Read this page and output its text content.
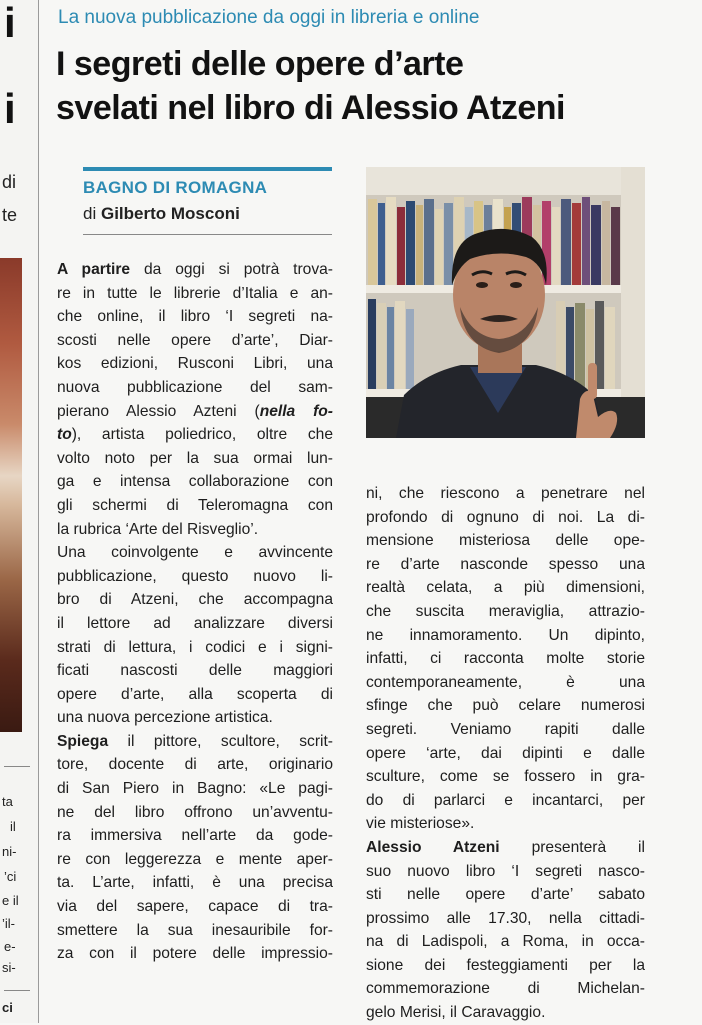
i
i
di
te
ta
il
ni-
’ci
e il
’il-
e-
si-
ci
La nuova pubblicazione da oggi in libreria e online
I segreti delle opere d’arte
svelati nel libro di Alessio Atzeni
BAGNO DI ROMAGNA
di Gilberto Mosconi
A partire da oggi si potrà trova-
re in tutte le librerie d’Italia e an-
che online, il libro ‘I segreti na-
scosti nelle opere d’arte’, Diar-
kos edizioni, Rusconi Libri, una
nuova pubblicazione del sam-
pierano Alessio Azteni (nella fo-
to), artista poliedrico, oltre che
volto noto per la sua ormai lun-
ga e intensa collaborazione con
gli schermi di Teleromagna con
la rubrica ‘Arte del Risveglio’.
Una coinvolgente e avvincente
pubblicazione, questo nuovo li-
bro di Atzeni, che accompagna
il lettore ad analizzare diversi
strati di lettura, i codici e i signi-
ficati nascosti delle maggiori
opere d’arte, alla scoperta di
una nuova percezione artistica.
Spiega il pittore, scultore, scrit-
tore, docente di arte, originario
di San Piero in Bagno: «Le pagi-
ne del libro offrono un’avventu-
ra immersiva nell’arte da gode-
re con leggerezza e mente aper-
ta. L’arte, infatti, è una precisa
via del sapere, capace di tra-
smettere la sua inesauribile for-
za con il potere delle impressio-
ni, che riescono a penetrare nel
profondo di ognuno di noi. La di-
mensione misteriosa delle ope-
re d’arte nasconde spesso una
realtà celata, a più dimensioni,
che suscita meraviglia, attrazio-
ne innamoramento. Un dipinto,
infatti, ci racconta molte storie
contemporaneamente, è una
sfinge che può celare numerosi
segreti. Veniamo rapiti dalle
opere ‘arte, dai dipinti e dalle
sculture, come se fossero in gra-
do di parlarci e incantarci, per
vie misteriose».
Alessio Atzeni presenterà il
suo nuovo libro ‘I segreti nasco-
sti nelle opere d’arte’ sabato
prossimo alle 17.30, nella cittadi-
na di Ladispoli, a Roma, in occa-
sione dei festeggiamenti per la
commemorazione di Michelan-
gelo Merisi, il Caravaggio.
